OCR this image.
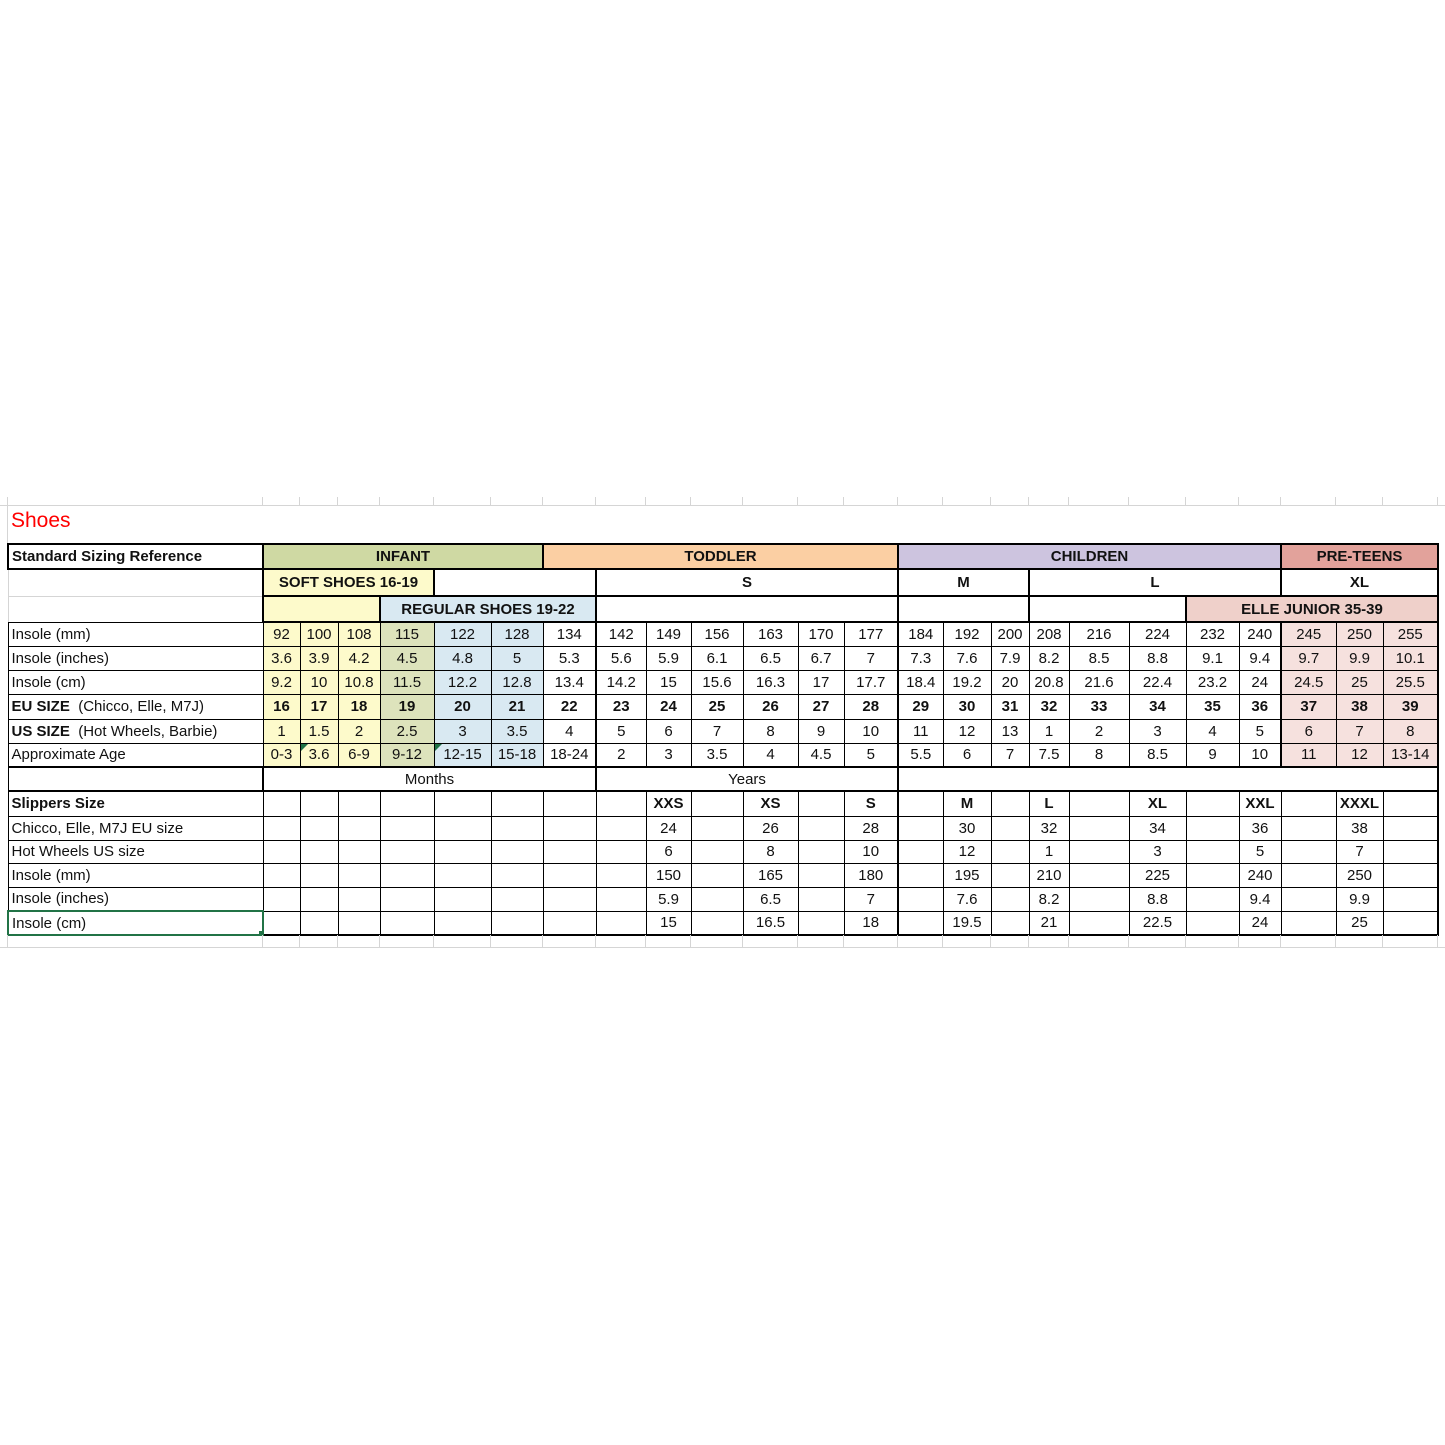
Shoes
Standard Sizing Reference	INFANT						TODDLER							CHILDREN								PRE-TEENS		
	SOFT SHOES 16-19							S						M			L					XL		
				REGULAR SHOES 19-22																ELLE JUNIOR 35-39				
Insole (mm)	92	100	108	115	122	128	134	142	149	156	163	170	177	184	192	200	208	216	224	232	240	245	250	255
Insole (inches)	3.6	3.9	4.2	4.5	4.8	5	5.3	5.6	5.9	6.1	6.5	6.7	7	7.3	7.6	7.9	8.2	8.5	8.8	9.1	9.4	9.7	9.9	10.1
Insole (cm)	9.2	10	10.8	11.5	12.2	12.8	13.4	14.2	15	15.6	16.3	17	17.7	18.4	19.2	20	20.8	21.6	22.4	23.2	24	24.5	25	25.5
EU SIZE  (Chicco, Elle, M7J)	16	17	18	19	20	21	22	23	24	25	26	27	28	29	30	31	32	33	34	35	36	37	38	39
US SIZE  (Hot Wheels, Barbie)	1	1.5	2	2.5	3	3.5	4	5	6	7	8	9	10	11	12	13	1	2	3	4	5	6	7	8
Approximate Age	0-3	3.6	6-9	9-12	12-15	15-18	18-24	2	3	3.5	4	4.5	5	5.5	6	7	7.5	8	8.5	9	10	11	12	13-14
	Months							Years																
Slippers Size									XXS		XS		S		M		L		XL		XXL		XXXL	
Chicco, Elle, M7J EU size									24		26		28		30		32		34		36		38	
Hot Wheels US size									6		8		10		12		1		3		5		7	
Insole (mm)									150		165		180		195		210		225		240		250	
Insole (inches)									5.9		6.5		7		7.6		8.2		8.8		9.4		9.9	
Insole (cm)									15		16.5		18		19.5		21		22.5		24		25	
